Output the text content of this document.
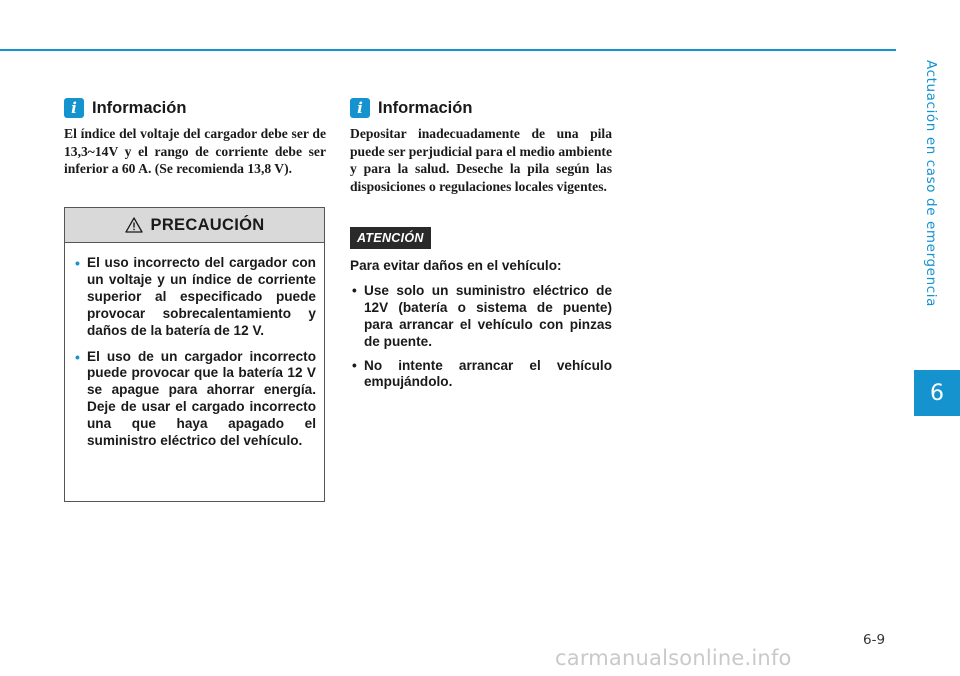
Actuación en caso de emergencia
6
i Información

El índice del voltaje del cargador debe ser de 13,3~14V y el rango de corriente debe ser inferior a 60 A. (Se recomienda 13,8 V).

PRECAUCIÓN
• El uso incorrecto del cargador con un voltaje y un índice de corriente superior al especificado puede provocar sobrecalentamiento y daños de la batería de 12 V.
• El uso de un cargador incorrecto puede provocar que la batería 12 V se apague para ahorrar energía. Deje de usar el cargado incorrecto una que haya apagado el suministro eléctrico del vehículo.
i Información

Depositar inadecuadamente de una pila puede ser perjudicial para el medio ambiente y para la salud. Deseche la pila según las disposiciones o regulaciones locales vigentes.

ATENCIÓN

Para evitar daños en el vehículo:

• Use solo un suministro eléctrico de 12V (batería o sistema de puente) para arrancar el vehículo con pinzas de puente.
• No intente arrancar el vehículo empujándolo.
6-9
carmanualsonline.info
